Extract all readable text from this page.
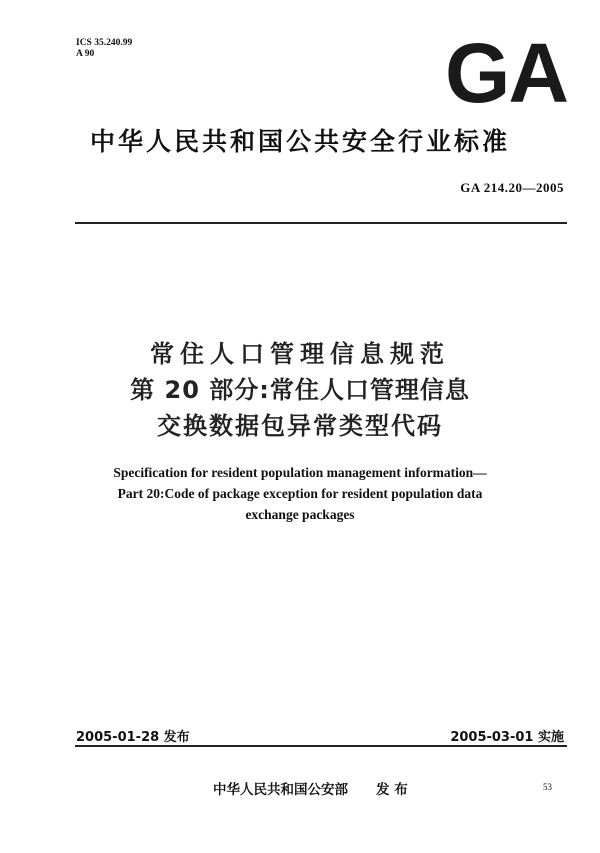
ICS 35.240.99
A 90	GA
中华人民共和国公共安全行业标准
GA 214.20—2005
常住人口管理信息规范
第 20 部分:常住人口管理信息
交换数据包异常类型代码
Specification for resident population management information—
Part 20:Code of package exception for resident population data
exchange packages
2005-01-28 发布	2005-03-01 实施
中华人民共和国公安部 发 布	53
